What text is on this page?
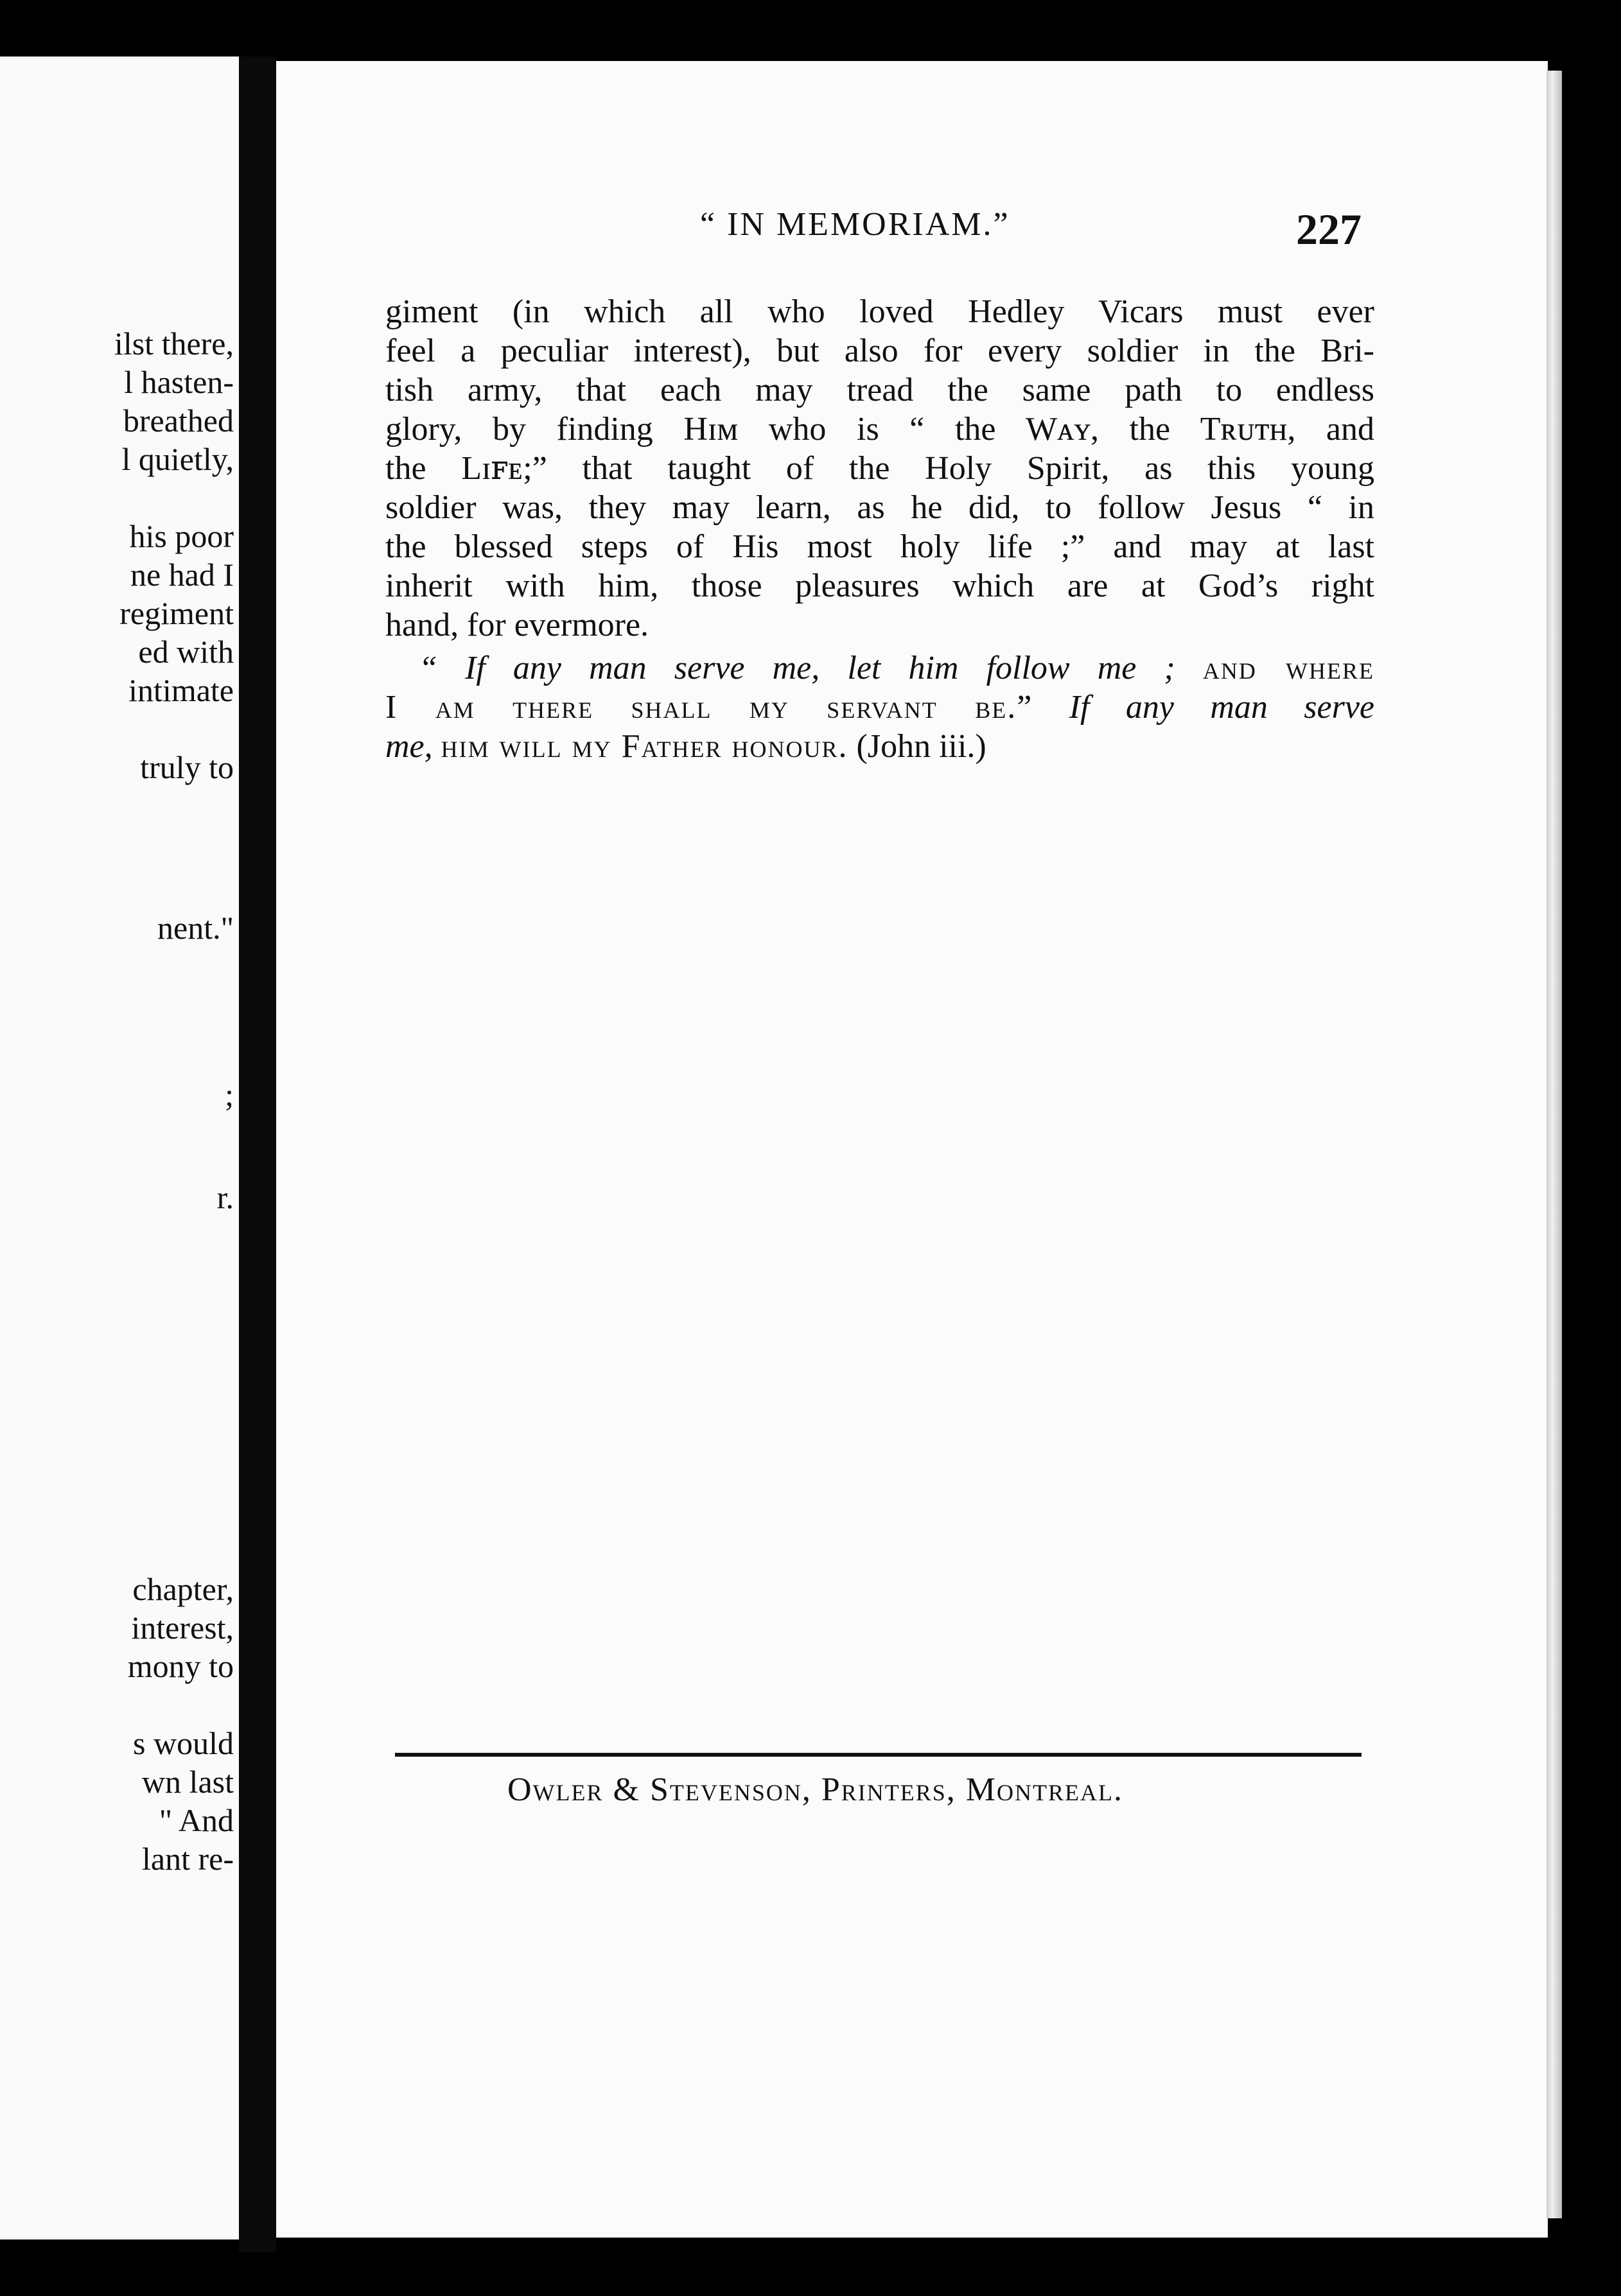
ilst there,
l hasten-
breathed
l quietly,
his poor
ne had I
regiment
ed with
intimate
truly to
nent."
;
r.
chapter,
interest,
mony to
s would
wn last
" And
lant re-
“ IN MEMORIAM.”	227
giment (in which all who loved Hedley Vicars must ever
feel a peculiar interest), but also for every soldier in the Bri-
tish army, that each may tread the same path to endless
glory, by finding Hɪᴍ who is “ the Wᴀʏ, the Tʀᴜᴛʜ, and
the Lɪꜰᴇ;” that taught of the Holy Spirit, as this young
soldier was, they may learn, as he did, to follow Jesus “ in
the blessed steps of His most holy life ;” and may at last
inherit with him, those pleasures which are at God’s right
hand, for evermore.
“ If any man serve me, let him follow me ; and where
I am there shall my servant be.” If any man serve
me, him will my Father honour. (John iii.)
Owler & Stevenson, Printers, Montreal.
